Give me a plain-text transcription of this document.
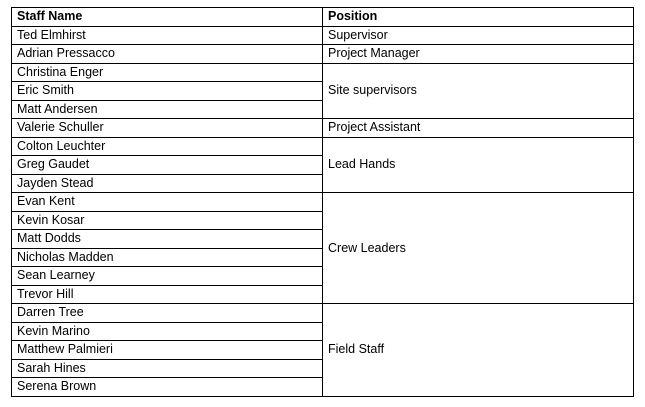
Staff Name	Position
Ted Elmhirst	Supervisor
Adrian Pressacco	Project Manager
Christina Enger	Site supervisors
Eric Smith	
Matt Andersen	
Valerie Schuller	Project Assistant
Colton Leuchter	Lead Hands
Greg Gaudet	
Jayden Stead	
Evan Kent	Crew Leaders
Kevin Kosar	
Matt Dodds	
Nicholas Madden	
Sean Learney	
Trevor Hill	
Darren Tree	Field Staff
Kevin Marino	
Matthew Palmieri	
Sarah Hines	
Serena Brown	
